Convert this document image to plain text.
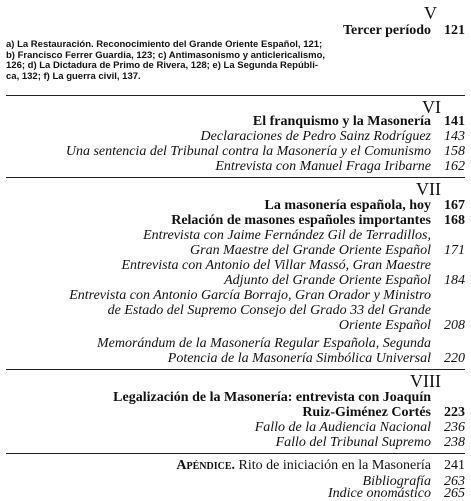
V
Tercer período 121
a) La Restauración. Reconocimiento del Grande Oriente Español, 121;
b) Francisco Ferrer Guardia, 123; c) Antimasonismo y anticlericalismo,
126; d) La Dictadura de Primo de Rivera, 128; e) La Segunda Repúbli-
ca, 132; f) La guerra civil, 137.
VI
El franquismo y la Masonería 141
Declaraciones de Pedro Sainz Rodríguez 143
Una sentencia del Tribunal contra la Masonería y el Comunismo 158
Entrevista con Manuel Fraga Iribarne 162
VII
La masonería española, hoy 167
Relación de masones españoles importantes 168
Entrevista con Jaime Fernández Gil de Terradillos,
Gran Maestre del Grande Oriente Español 171
Entrevista con Antonio del Villar Massó, Gran Maestre
Adjunto del Grande Oriente Español 184
Entrevista con Antonio García Borrajo, Gran Orador y Ministro
de Estado del Supremo Consejo del Grado 33 del Grande
Oriente Español 208
Memorándum de la Masonería Regular Española, Segunda
Potencia de la Masonería Simbólica Universal 220
VIII
Legalización de la Masonería: entrevista con Joaquín
Ruiz-Giménez Cortés 223
Fallo de la Audiencia Nacional 236
Fallo del Tribunal Supremo 238
Apéndice. Rito de iniciación en la Masonería 241
Bibliografía 263
Indice onomástico 265
